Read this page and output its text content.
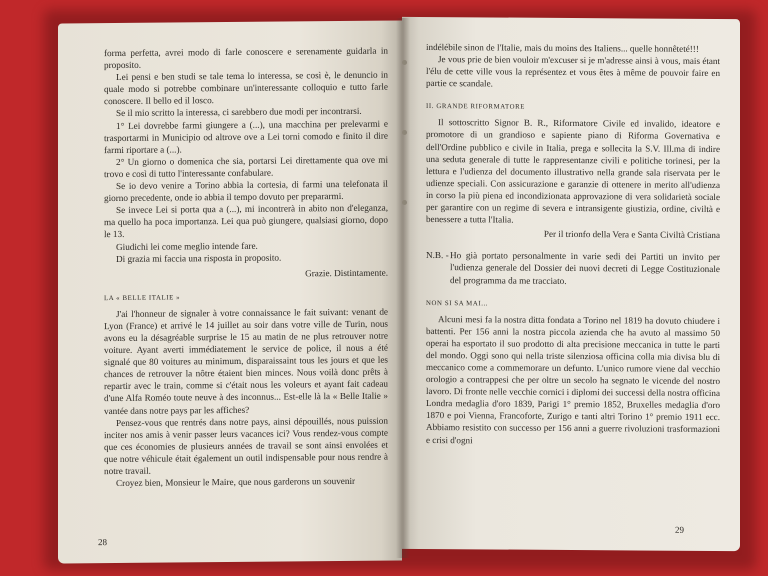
forma perfetta, avrei modo di farle conoscere e serenamente guidarla in proposito.

Lei pensi e ben studi se tale tema lo interessa, se così è, le denuncio in quale modo si potrebbe combinare un'interessante colloquio e tutto farle conoscere. Il bello ed il losco.

Se il mio scritto la interessa, ci sarebbero due modi per incontrarsi.

1° Lei dovrebbe farmi giungere a (...), una macchina per prelevarmi e trasportarmi in Municipio od altrove ove a Lei torni comodo e finito il dire farmi riportare a (...).

2° Un giorno o domenica che sia, portarsi Lei direttamente qua ove mi trovo e così di tutto l'interessante confabulare.

Se io devo venire a Torino abbia la cortesia, di farmi una telefonata il giorno precedente, onde io abbia il tempo dovuto per prepararmi.

Se invece Lei si porta qua a (...), mi incontrerà in abito non d'eleganza, ma quello ha poca importanza. Lei qua può giungere, qualsiasi giorno, dopo le 13.

Giudichi lei come meglio intende fare.

Di grazia mi faccia una risposta in proposito.

Grazie. Distintamente.
LA « BELLE ITALIE »

J'ai l'honneur de signaler à votre connaissance le fait suivant: venant de Lyon (France) et arrivé le 14 juillet au soir dans votre ville de Turin, nous avons eu la désagréable surprise le 15 au matin de ne plus retrouver notre voiture. Ayant averti immédiatement le service de police, il nous a été signalé que 80 voitures au minimum, disparaissaint tous les jours et que les chances de retrouver la nôtre étaient bien minces. Nous voilà donc prêts à repartir avec le train, comme si c'était nous les voleurs et ayant fait cadeau d'une Alfa Roméo toute neuve à des inconnus... Est-elle là la « Belle Italie » vantée dans notre pays par les affiches?

Pensez-vous que rentrés dans notre pays, ainsi dépouillés, nous puission inciter nos amis à venir passer leurs vacances ici? Vous rendez-vous compte que ces économies de plusieurs années de travail se sont ainsi envolées et que notre véhicule était également un outil indispensable pour nous rendre à notre travail.

Croyez bien, Monsieur le Maire, que nous garderons un souvenir

28

indélébile sinon de l'Italie, mais du moins des Italiens... quelle honnêteté!!!

Je vous prie de bien vouloir m'excuser si je m'adresse ainsi à vous, mais étant l'élu de cette ville vous la représentez et vous êtes à même de pouvoir faire en partie ce scandale.

II. GRANDE RIFORMATORE

Il sottoscritto Signor B. R., Riformatore Civile ed invalido, ideatore e promotore di un grandioso e sapiente piano di Riforma Governativa e dell'Ordine pubblico e civile in Italia, prega e sollecita la S.V. Ill.ma di indire una seduta generale di tutte le rappresentanze civili e politiche torinesi, per la lettura e l'udienza del documento illustrativo nella grande sala riservata per le udienze speciali. Con assicurazione e garanzie di ottenere in merito all'udienza in corso la più piena ed incondizionata approvazione di vera solidarietà sociale per garantire con un regime di severa e intransigente giustizia, ordine, civiltà e benessere a tutta l'Italia.

Per il trionfo della Vera e Santa Civiltà Cristiana

N.B. - Ho già portato personalmente in varie sedi dei Partiti un invito per l'udienza generale del Dossier dei nuovi decreti di Legge Costituzionale del programma da me tracciato.
NON SI SA MAI...

Alcuni mesi fa la nostra ditta fondata a Torino nel 1819 ha dovuto chiudere i battenti. Per 156 anni la nostra piccola azienda che ha avuto al massimo 50 operai ha esportato il suo prodotto di alta precisione meccanica in tutte le parti del mondo. Oggi sono qui nella triste silenziosa officina colla mia divisa blu di meccanico come a commemorare un defunto. L'unico rumore viene dal vecchio orologio a contrappesi che per oltre un secolo ha segnato le vicende del nostro lavoro. Di fronte nelle vecchie cornici i diplomi dei successi della nostra officina Londra medaglia d'oro 1839, Parigi 1° premio 1852, Bruxelles medaglia d'oro 1870 e poi Vienna, Francoforte, Zurigo e tanti altri Torino 1° premio 1911 ecc. Abbiamo resistito con successo per 156 anni a guerre rivoluzioni trasformazioni e crisi d'ogni

29
